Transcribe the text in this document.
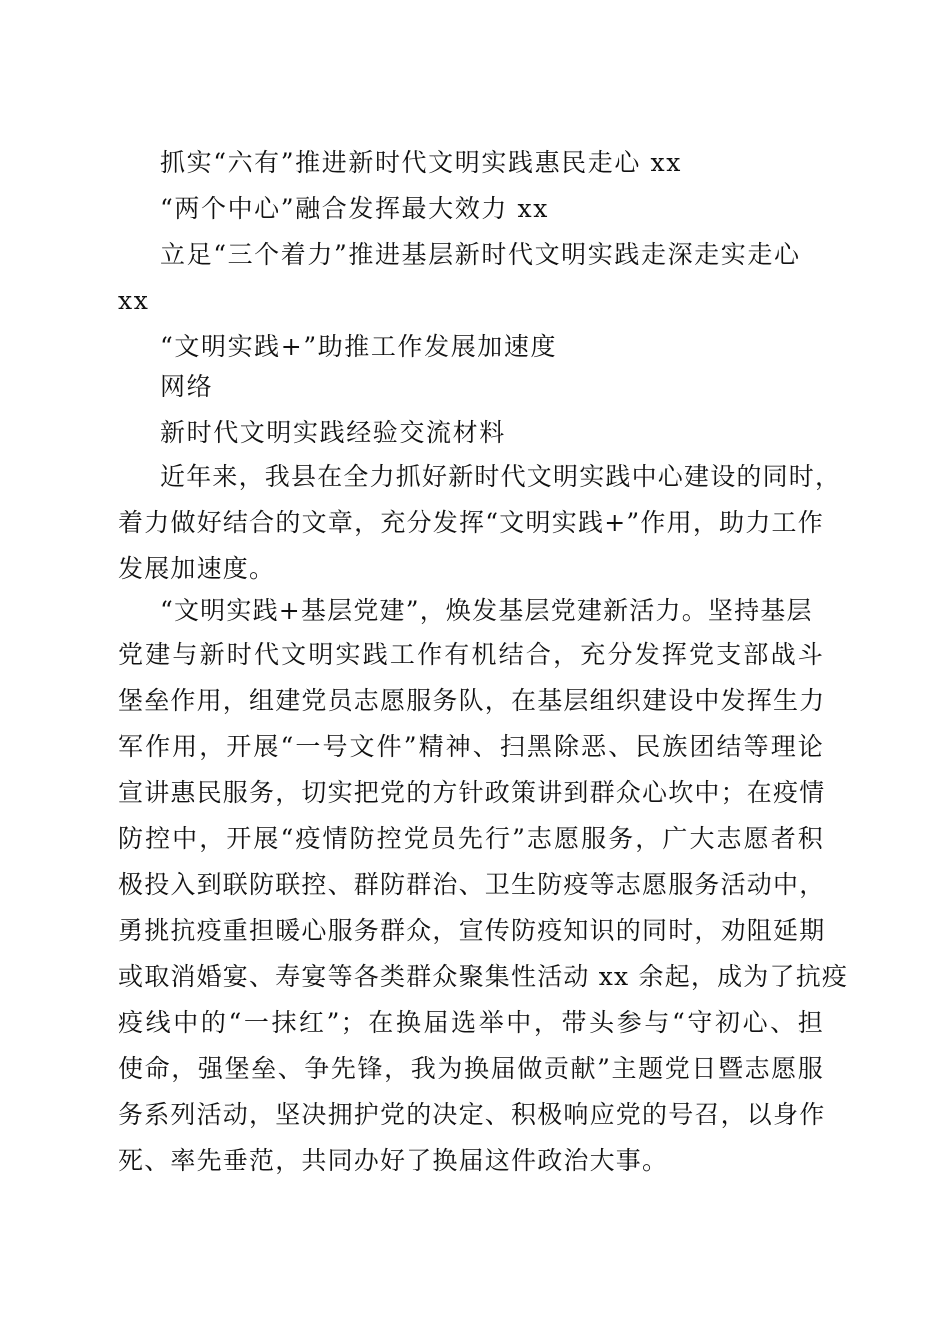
抓实“六有”推进新时代文明实践惠民走心 xx
“两个中心”融合发挥最大效力 xx
立足“三个着力”推进基层新时代文明实践走深走实走心
xx
“文明实践+”助推工作发展加速度
网络
新时代文明实践经验交流材料
近年来，我县在全力抓好新时代文明实践中心建设的同时，
着力做好结合的文章，充分发挥“文明实践+”作用，助力工作
发展加速度。
“文明实践+基层党建”，焕发基层党建新活力。坚持基层
党建与新时代文明实践工作有机结合，充分发挥党支部战斗
堡垒作用，组建党员志愿服务队，在基层组织建设中发挥生力
军作用，开展“一号文件”精神、扫黑除恶、民族团结等理论
宣讲惠民服务，切实把党的方针政策讲到群众心坎中；在疫情
防控中，开展“疫情防控党员先行”志愿服务，广大志愿者积
极投入到联防联控、群防群治、卫生防疫等志愿服务活动中，
勇挑抗疫重担暖心服务群众，宣传防疫知识的同时，劝阻延期
或取消婚宴、寿宴等各类群众聚集性活动 xx 余起，成为了抗疫
疫线中的“一抹红”；在换届选举中，带头参与“守初心、担
使命，强堡垒、争先锋，我为换届做贡献”主题党日暨志愿服
务系列活动，坚决拥护党的决定、积极响应党的号召，以身作
死、率先垂范，共同办好了换届这件政治大事。
